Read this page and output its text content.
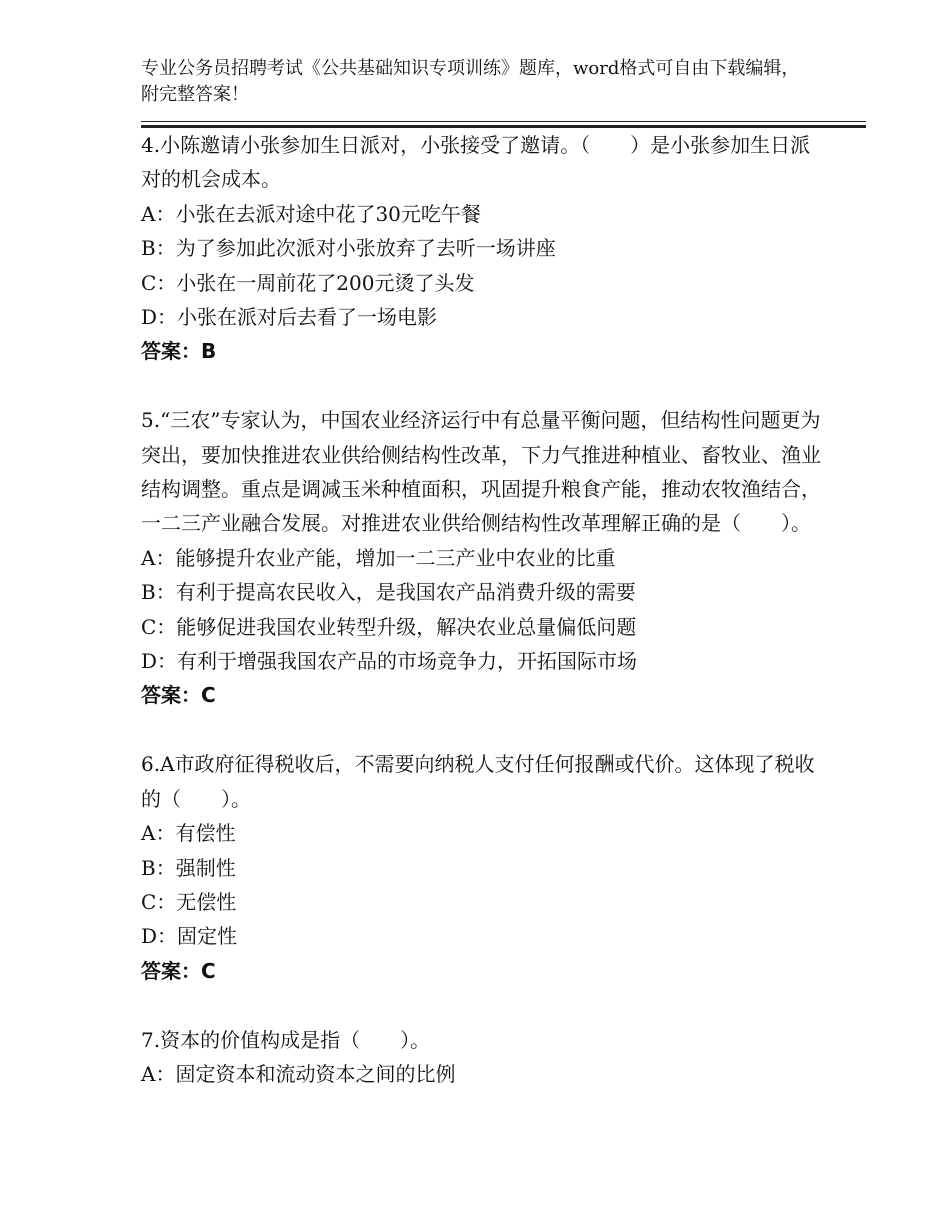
专业公务员招聘考试《公共基础知识专项训练》题库，word格式可自由下载编辑，附完整答案！

4.小陈邀请小张参加生日派对，小张接受了邀请。（　　）是小张参加生日派对的机会成本。

A：小张在去派对途中花了30元吃午餐

B：为了参加此次派对小张放弃了去听一场讲座

C：小张在一周前花了200元烫了头发

D：小张在派对后去看了一场电影

答案：B

5.“三农”专家认为，中国农业经济运行中有总量平衡问题，但结构性问题更为突出，要加快推进农业供给侧结构性改革，下力气推进种植业、畜牧业、渔业结构调整。重点是调减玉米种植面积，巩固提升粮食产能，推动农牧渔结合，一二三产业融合发展。对推进农业供给侧结构性改革理解正确的是（　　）。

A：能够提升农业产能，增加一二三产业中农业的比重

B：有利于提高农民收入，是我国农产品消费升级的需要

C：能够促进我国农业转型升级，解决农业总量偏低问题

D：有利于增强我国农产品的市场竞争力，开拓国际市场

答案：C

6.A市政府征得税收后，不需要向纳税人支付任何报酬或代价。这体现了税收的（　　）。

A：有偿性

B：强制性

C：无偿性

D：固定性

答案：C

7.资本的价值构成是指（　　）。

A：固定资本和流动资本之间的比例
